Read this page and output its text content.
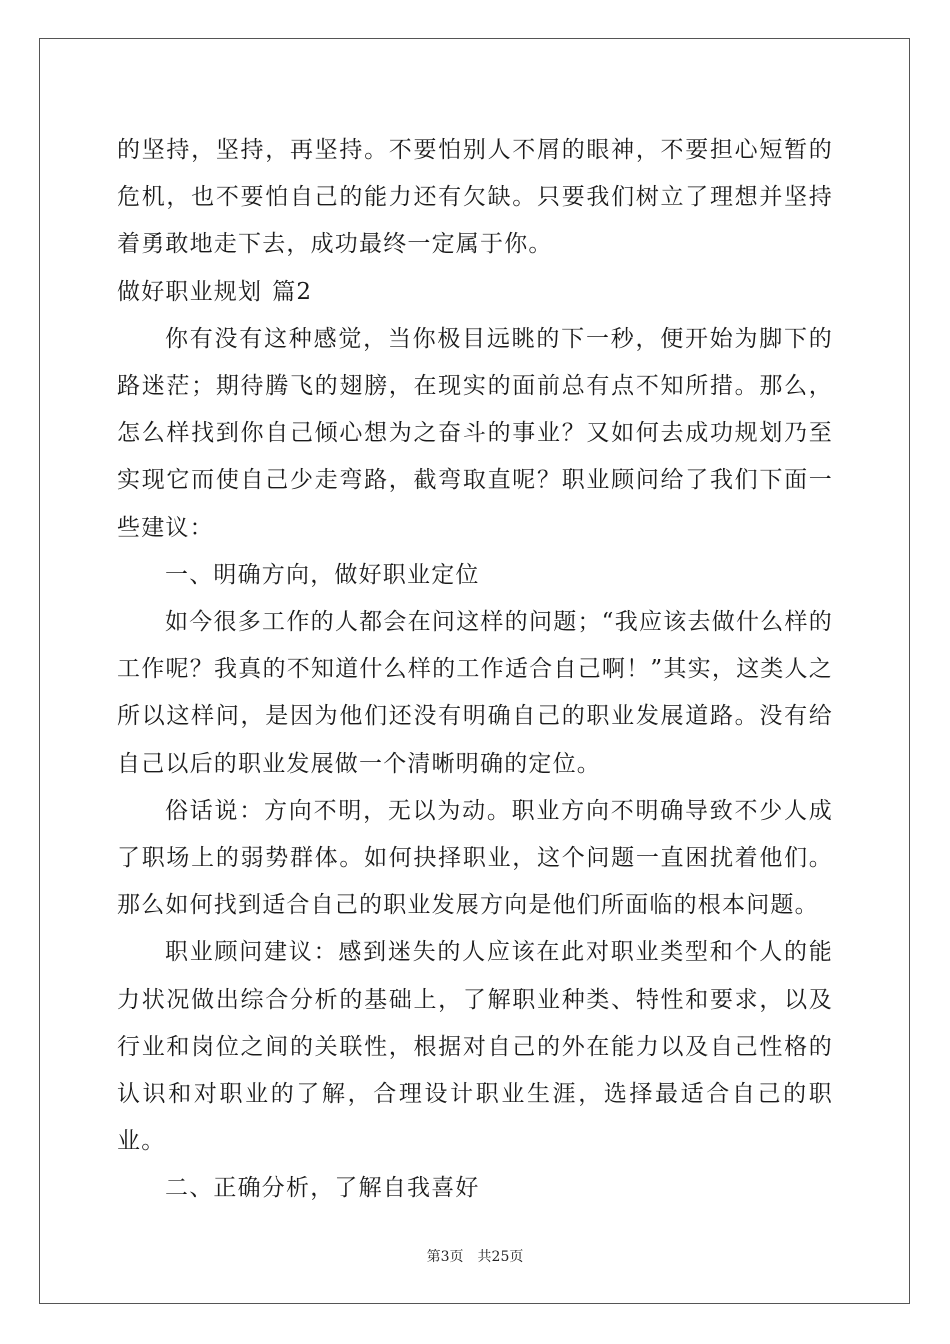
的坚持，坚持，再坚持。不要怕别人不屑的眼神，不要担心短暂的危机，也不要怕自己的能力还有欠缺。只要我们树立了理想并坚持着勇敢地走下去，成功最终一定属于你。

做好职业规划 篇2

你有没有这种感觉，当你极目远眺的下一秒，便开始为脚下的路迷茫；期待腾飞的翅膀，在现实的面前总有点不知所措。那么，怎么样找到你自己倾心想为之奋斗的事业？又如何去成功规划乃至实现它而使自己少走弯路，截弯取直呢？职业顾问给了我们下面一些建议：

一、明确方向，做好职业定位

如今很多工作的人都会在问这样的问题；“我应该去做什么样的工作呢？我真的不知道什么样的工作适合自己啊！”其实，这类人之所以这样问，是因为他们还没有明确自己的职业发展道路。没有给自己以后的职业发展做一个清晰明确的定位。

俗话说：方向不明，无以为动。职业方向不明确导致不少人成了职场上的弱势群体。如何抉择职业，这个问题一直困扰着他们。那么如何找到适合自己的职业发展方向是他们所面临的根本问题。

职业顾问建议：感到迷失的人应该在此对职业类型和个人的能力状况做出综合分析的基础上，了解职业种类、特性和要求，以及行业和岗位之间的关联性，根据对自己的外在能力以及自己性格的认识和对职业的了解，合理设计职业生涯，选择最适合自己的职业。

二、正确分析，了解自我喜好

第3页 共25页
